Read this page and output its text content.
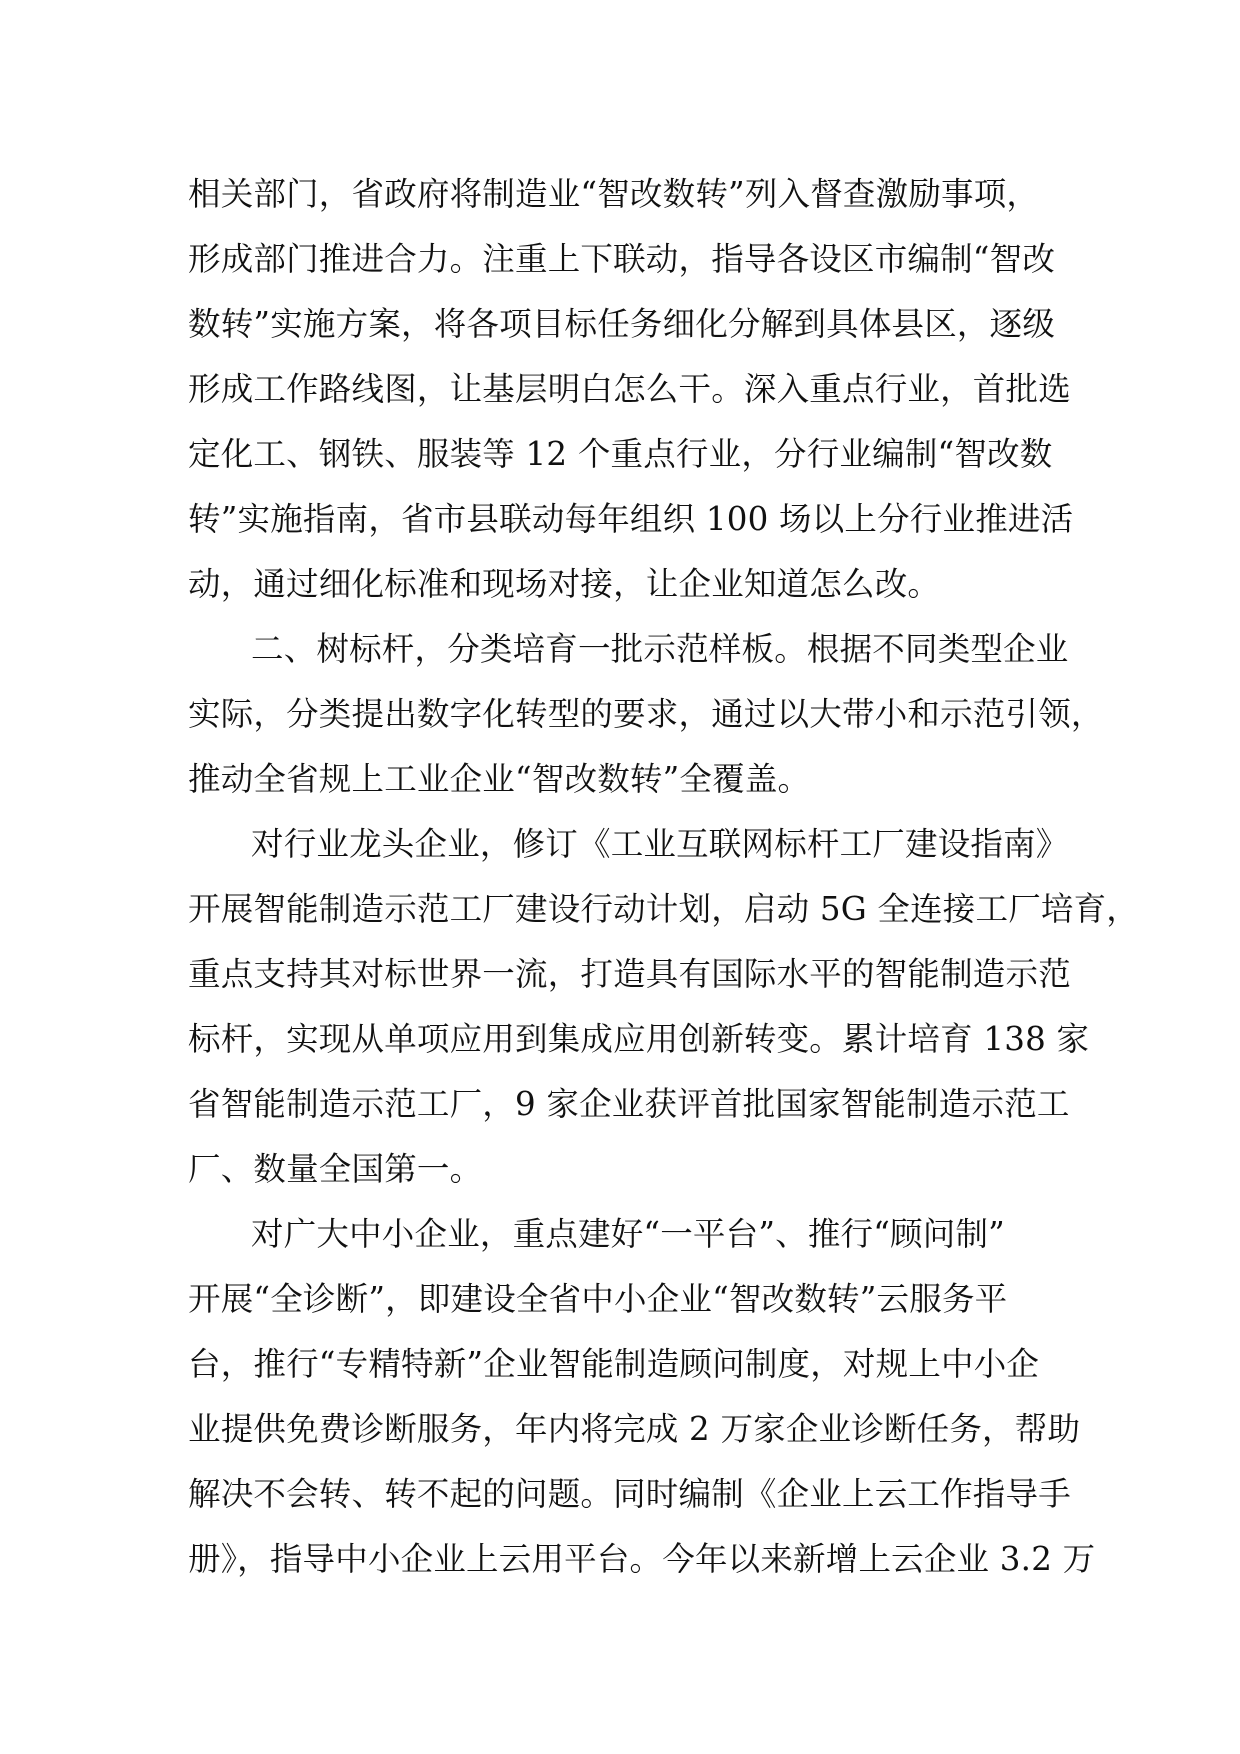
相关部门，省政府将制造业“智改数转”列入督查激励事项，
形成部门推进合力。注重上下联动，指导各设区市编制“智改
数转”实施方案，将各项目标任务细化分解到具体县区，逐级
形成工作路线图，让基层明白怎么干。深入重点行业，首批选
定化工、钢铁、服装等 12 个重点行业，分行业编制“智改数
转”实施指南，省市县联动每年组织 100 场以上分行业推进活
动，通过细化标准和现场对接，让企业知道怎么改。
二、树标杆，分类培育一批示范样板。根据不同类型企业
实际，分类提出数字化转型的要求，通过以大带小和示范引领，
推动全省规上工业企业“智改数转”全覆盖。
对行业龙头企业，修订《工业互联网标杆工厂建设指南》
开展智能制造示范工厂建设行动计划，启动 5G 全连接工厂培育，
重点支持其对标世界一流，打造具有国际水平的智能制造示范
标杆，实现从单项应用到集成应用创新转变。累计培育 138 家
省智能制造示范工厂，9 家企业获评首批国家智能制造示范工
厂、数量全国第一。
对广大中小企业，重点建好“一平台”、推行“顾问制”
开展“全诊断”，即建设全省中小企业“智改数转”云服务平
台，推行“专精特新”企业智能制造顾问制度，对规上中小企
业提供免费诊断服务，年内将完成 2 万家企业诊断任务，帮助
解决不会转、转不起的问题。同时编制《企业上云工作指导手
册》，指导中小企业上云用平台。今年以来新增上云企业 3.2 万
